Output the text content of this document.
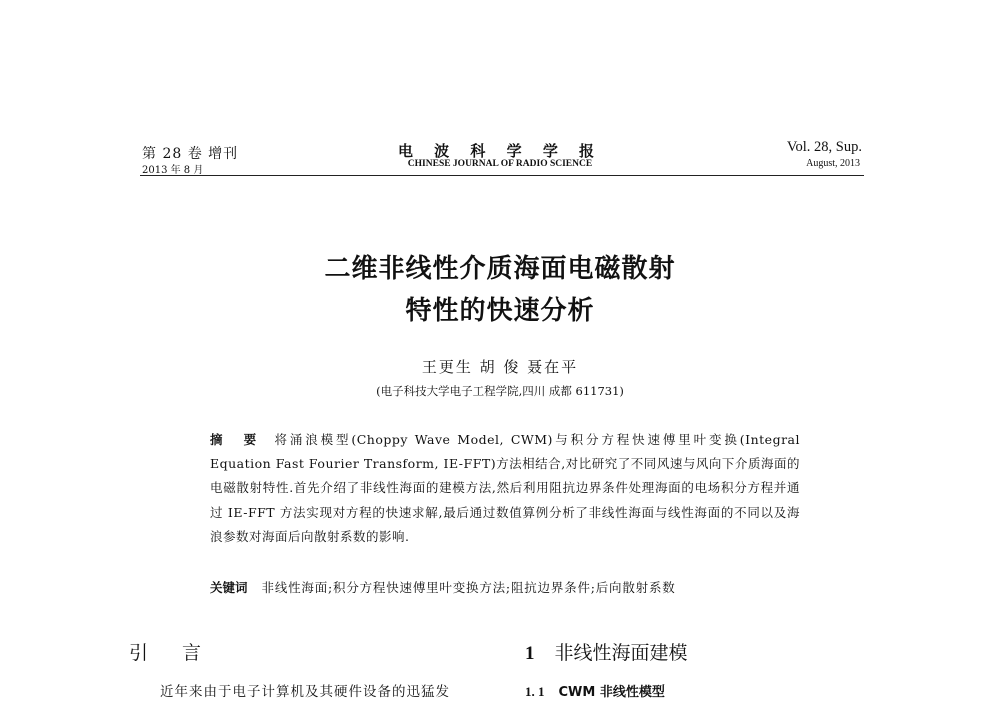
第 28 卷 增刊
2013 年 8 月
电 波 科 学 学 报
CHINESE JOURNAL OF RADIO SCIENCE
Vol. 28, Sup.
August, 2013
二维非线性介质海面电磁散射
特性的快速分析
王更生 胡 俊 聂在平
(电子科技大学电子工程学院,四川 成都 611731)
摘 要 将涌浪模型(Choppy Wave Model, CWM)与积分方程快速傅里叶变换(Integral Equation Fast Fourier Transform, IE-FFT)方法相结合,对比研究了不同风速与风向下介质海面的电磁散射特性.首先介绍了非线性海面的建模方法,然后利用阻抗边界条件处理海面的电场积分方程并通过 IE-FFT 方法实现对方程的快速求解,最后通过数值算例分析了非线性海面与线性海面的不同以及海浪参数对海面后向散射系数的影响.
关键词 非线性海面;积分方程快速傅里叶变换方法;阻抗边界条件;后向散射系数
引 言	1 非线性海面建模
近年来由于电子计算机及其硬件设备的迅猛发	1. 1 CWM 非线性模型
